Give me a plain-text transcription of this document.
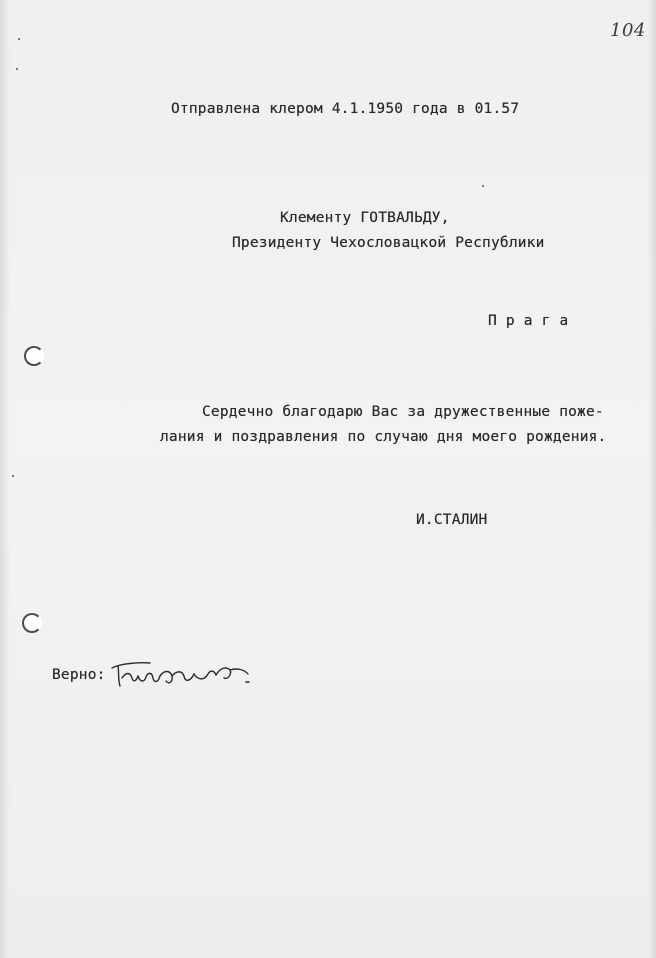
104
Отправлена клером 4.1.1950 года в 01.57
Клементу ГОТВАЛЬДУ,
Президенту Чехословацкой Республики
П р а г а
Сердечно благодарю Вас за дружественные поже-
лания и поздравления по случаю дня моего рождения.
И.СТАЛИН
Верно:
